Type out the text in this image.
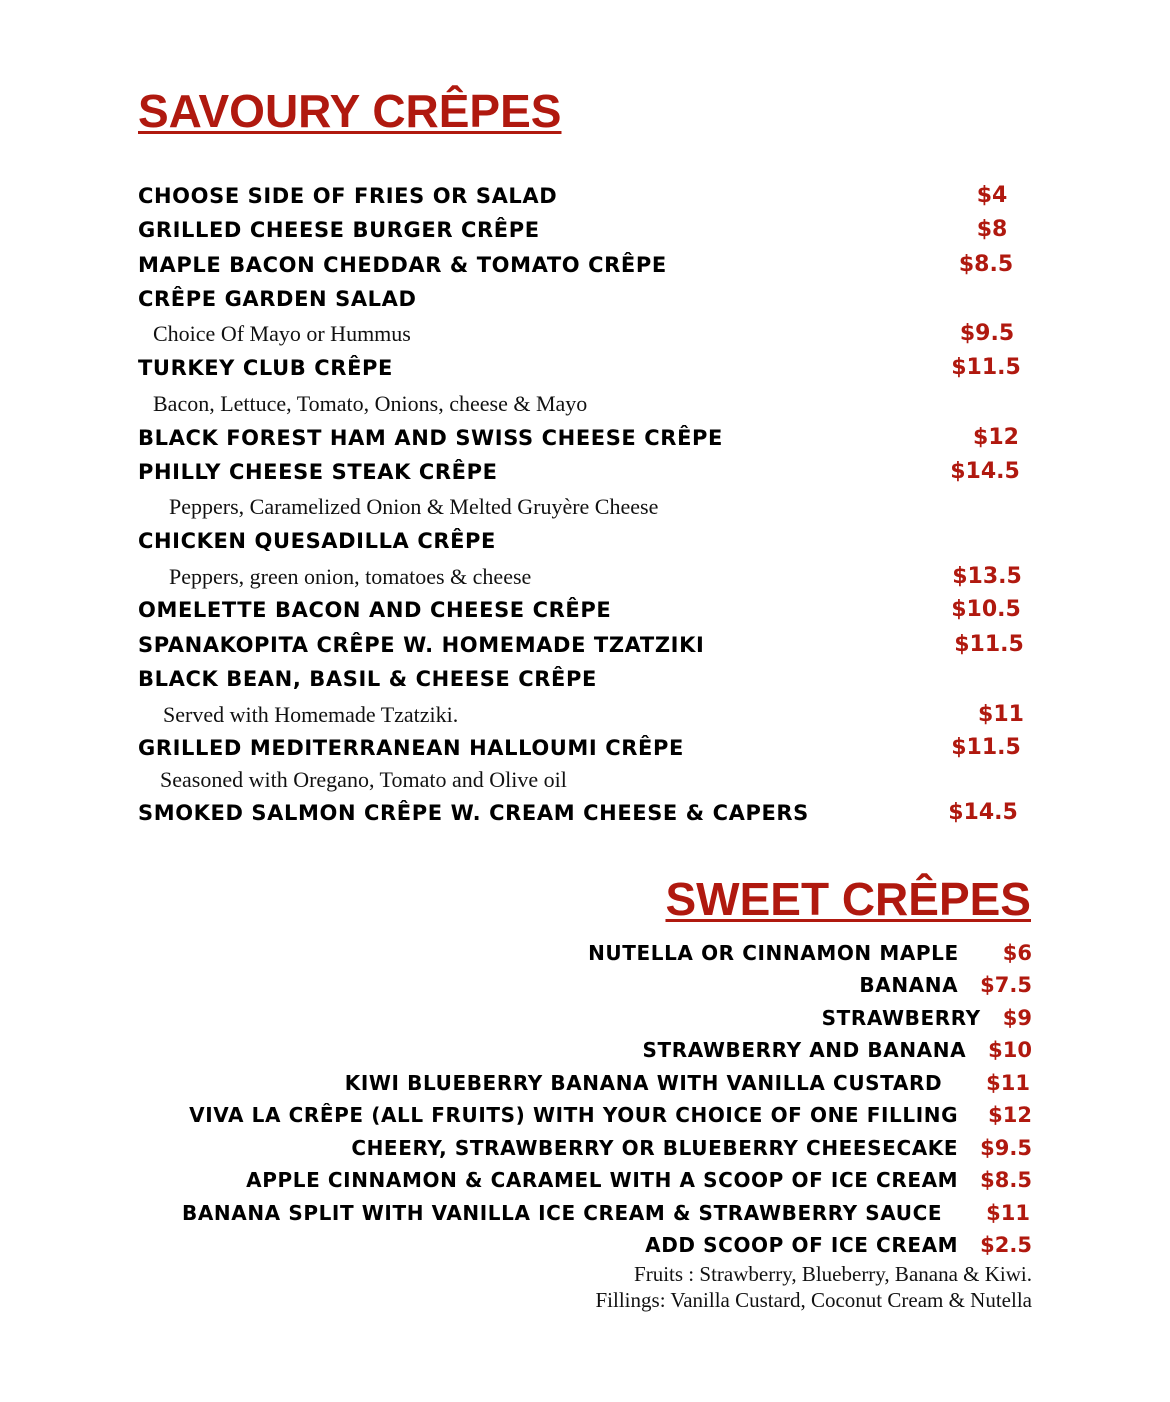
SAVOURY CRÊPES
CHOOSE SIDE OF FRIES OR SALAD	$4
GRILLED CHEESE BURGER CRÊPE	$8
MAPLE BACON CHEDDAR & TOMATO CRÊPE	$8.5
CRÊPE GARDEN SALAD
Choice Of Mayo or Hummus	$9.5
TURKEY CLUB CRÊPE	$11.5
Bacon, Lettuce, Tomato, Onions, cheese & Mayo
BLACK FOREST HAM AND SWISS CHEESE CRÊPE	$12
PHILLY CHEESE STEAK CRÊPE	$14.5
Peppers, Caramelized Onion & Melted Gruyère Cheese
CHICKEN QUESADILLA CRÊPE
Peppers, green onion, tomatoes & cheese	$13.5
OMELETTE BACON AND CHEESE CRÊPE	$10.5
SPANAKOPITA CRÊPE W. HOMEMADE TZATZIKI	$11.5
BLACK BEAN, BASIL & CHEESE CRÊPE
Served with Homemade Tzatziki.	$11
GRILLED MEDITERRANEAN HALLOUMI CRÊPE	$11.5
Seasoned with Oregano, Tomato and Olive oil
SMOKED SALMON CRÊPE W. CREAM CHEESE & CAPERS	$14.5
SWEET CRÊPES
NUTELLA OR CINNAMON MAPLE $6
BANANA $7.5
STRAWBERRY $9
STRAWBERRY AND BANANA $10
KIWI BLUEBERRY BANANA WITH VANILLA CUSTARD $11
VIVA LA CRÊPE (ALL FRUITS) WITH YOUR CHOICE OF ONE FILLING $12
CHEERY, STRAWBERRY OR BLUEBERRY CHEESECAKE $9.5
APPLE CINNAMON & CARAMEL WITH A SCOOP OF ICE CREAM $8.5
BANANA SPLIT WITH VANILLA ICE CREAM & STRAWBERRY SAUCE $11
ADD SCOOP OF ICE CREAM $2.5
Fruits : Strawberry, Blueberry, Banana & Kiwi.
Fillings: Vanilla Custard, Coconut Cream & Nutella
